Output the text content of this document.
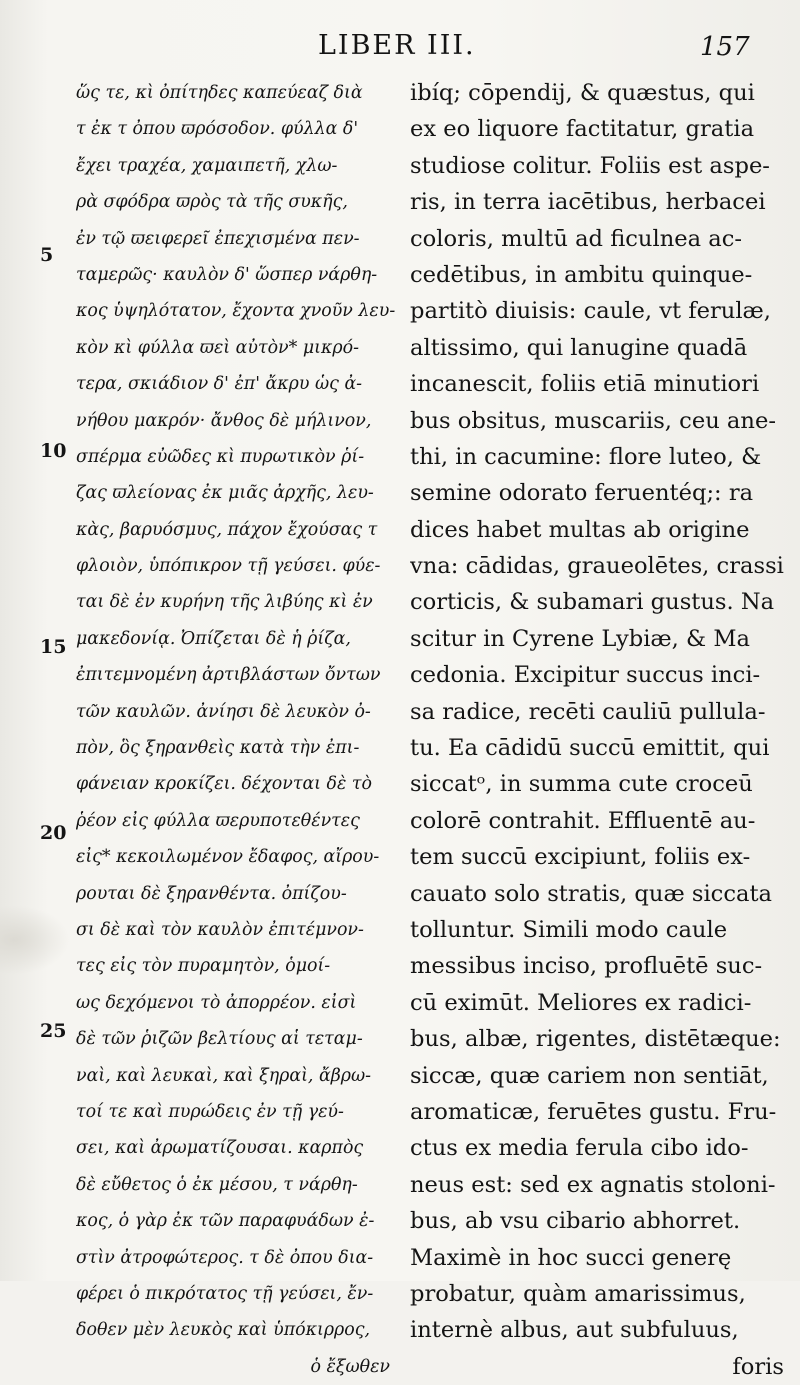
LIBER III.	157
5
10
15
20
25
ὥς τε, κὶ ὀπίτηδες καπεύεαζ διὰ
τ ἐκ τ ὀπου ϖρόσοδον. φύλλα δ'
ἔχει τραχέα, χαμαιπετῆ, χλω-
ρὰ σφόδρα ϖρὸς τὰ τῆς συκῆς,
ἐν τῷ ϖειφερεῖ ἐπεχισμένα πεν-
ταμερῶς· καυλὸν δ' ὥσπερ νάρθη-
κος ὑψηλότατον, ἔχοντα χνοῦν λευ-
κὸν κὶ φύλλα ϖεὶ αὐτὸν* μικρό-
τερα, σκιάδιον δ' ἐπ' ἄκρυ ὡς ἀ-
νήθου μακρόν· ἄνθος δὲ μήλινον,
σπέρμα εὐῶδες κὶ πυρωτικὸν ῥί-
ζας ϖλείονας ἐκ μιᾶς ἀρχῆς, λευ-
κὰς, βαρυόσμυς, πάχον ἔχούσας τ
φλοιὸν, ὑπόπικρον τῇ γεύσει. φύε-
ται δὲ ἐν κυρήνη τῆς λιβύης κὶ ἐν
μακεδονίᾳ. Ὀπίζεται δὲ ἡ ῥίζα,
ἐπιτεμνομένη ἀρτιβλάστων ὄντων
τῶν καυλῶν. ἀνίησι δὲ λευκὸν ὀ-
πὸν, ὃς ξηρανθεὶς κατὰ τὴν ἐπι-
φάνειαν κροκίζει. δέχονται δὲ τὸ
ῥέον εἰς φύλλα ϖερυποτεθέντες
εἰς* κεκοιλωμένον ἔδαφος, αἴρου-
ρουται δὲ ξηρανθέντα. ὀπίζου-
σι δὲ καὶ τὸν καυλὸν ἐπιτέμνον-
τες εἰς τὸν πυραμητὸν, ὁμοί-
ως δεχόμενοι τὸ ἀπορρέον. εἰσὶ
δὲ τῶν ῥιζῶν βελτίους αἱ τεταμ-
ναὶ, καὶ λευκαὶ, καὶ ξηραὶ, ἄβρω-
τοί τε καὶ πυρώδεις ἐν τῇ γεύ-
σει, καὶ ἀρωματίζουσαι. καρπὸς
δὲ εὔθετος ὁ ἐκ μέσου, τ νάρθη-
κος, ὁ γὰρ ἐκ τῶν παραφυάδων ἐ-
στὶν ἀτροφώτερος. τ δὲ ὀπου δια-
φέρει ὁ πικρότατος τῇ γεύσει, ἔν-
δοθεν μὲν λευκὸς καὶ ὑπόκιρρος,
ὁ ἔξωθεν
ibíq; cōpendij, & quæstus, qui
ex eo liquore factitatur, gratia
studiose colitur. Foliis est aspe-
ris, in terra iacētibus, herbacei
coloris, multū ad ficulnea ac-
cedētibus, in ambitu quinque-
partitò diuisis: caule, vt ferulæ,
altissimo, qui lanugine quadā
incanescit, foliis etiā minutiori
bus obsitus, muscariis, ceu ane-
thi, in cacumine: flore luteo, &
semine odorato feruentéq;: ra
dices habet multas ab origine
vna: cādidas, graueolētes, crassi
corticis, & subamari gustus. Na
scitur in Cyrene Lybiæ, & Ma
cedonia. Excipitur succus inci-
sa radice, recēti cauliū pullula-
tu. Ea cādidū succū emittit, qui
siccatᵒ, in summa cute croceū
colorē contrahit. Effluentē au-
tem succū excipiunt, foliis ex-
cauato solo stratis, quæ siccata
tolluntur. Simili modo caule
messibus inciso, profluētē suc-
cū eximūt. Meliores ex radici-
bus, albæ, rigentes, distētæque:
siccæ, quæ cariem non sentiāt,
aromaticæ, feruētes gustu. Fru-
ctus ex media ferula cibo ido-
neus est: sed ex agnatis stoloni-
bus, ab vsu cibario abhorret.
Maximè in hoc succi generę
probatur, quàm amarissimus,
internè albus, aut subfuluus,
foris
